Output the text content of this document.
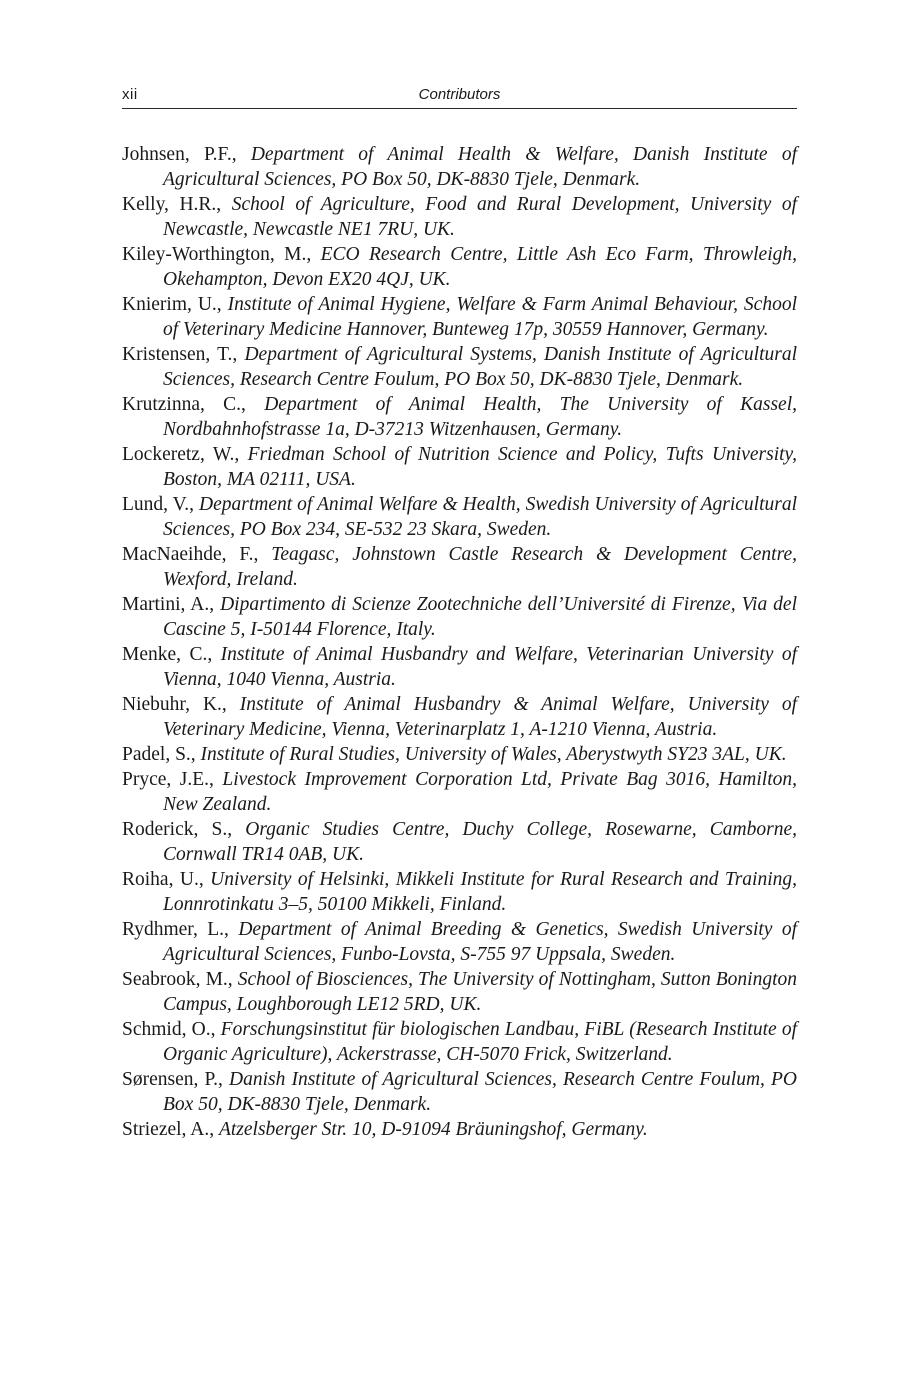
xii	Contributors

Johnsen, P.F., Department of Animal Health & Welfare, Danish Institute of Agricultural Sciences, PO Box 50, DK-8830 Tjele, Denmark.

Kelly, H.R., School of Agriculture, Food and Rural Development, University of Newcastle, Newcastle NE1 7RU, UK.

Kiley-Worthington, M., ECO Research Centre, Little Ash Eco Farm, Throwleigh, Okehampton, Devon EX20 4QJ, UK.

Knierim, U., Institute of Animal Hygiene, Welfare & Farm Animal Behaviour, School of Veterinary Medicine Hannover, Bunteweg 17p, 30559 Hannover, Germany.

Kristensen, T., Department of Agricultural Systems, Danish Institute of Agricultural Sciences, Research Centre Foulum, PO Box 50, DK-8830 Tjele, Denmark.

Krutzinna, C., Department of Animal Health, The University of Kassel, Nordbahnhofstrasse 1a, D-37213 Witzenhausen, Germany.

Lockeretz, W., Friedman School of Nutrition Science and Policy, Tufts University, Boston, MA 02111, USA.

Lund, V., Department of Animal Welfare & Health, Swedish University of Agricultural Sciences, PO Box 234, SE-532 23 Skara, Sweden.

MacNaeihde, F., Teagasc, Johnstown Castle Research & Development Centre, Wexford, Ireland.

Martini, A., Dipartimento di Scienze Zootechniche dell’Université di Firenze, Via del Cascine 5, I-50144 Florence, Italy.

Menke, C., Institute of Animal Husbandry and Welfare, Veterinarian University of Vienna, 1040 Vienna, Austria.

Niebuhr, K., Institute of Animal Husbandry & Animal Welfare, University of Veterinary Medicine, Vienna, Veterinarplatz 1, A-1210 Vienna, Austria.

Padel, S., Institute of Rural Studies, University of Wales, Aberystwyth SY23 3AL, UK.

Pryce, J.E., Livestock Improvement Corporation Ltd, Private Bag 3016, Hamilton, New Zealand.

Roderick, S., Organic Studies Centre, Duchy College, Rosewarne, Camborne, Cornwall TR14 0AB, UK.

Roiha, U., University of Helsinki, Mikkeli Institute for Rural Research and Training, Lonnrotinkatu 3–5, 50100 Mikkeli, Finland.

Rydhmer, L., Department of Animal Breeding & Genetics, Swedish University of Agricultural Sciences, Funbo-Lovsta, S-755 97 Uppsala, Sweden.

Seabrook, M., School of Biosciences, The University of Nottingham, Sutton Bonington Campus, Loughborough LE12 5RD, UK.

Schmid, O., Forschungsinstitut für biologischen Landbau, FiBL (Research Institute of Organic Agriculture), Ackerstrasse, CH-5070 Frick, Switzerland.

Sørensen, P., Danish Institute of Agricultural Sciences, Research Centre Foulum, PO Box 50, DK-8830 Tjele, Denmark.

Striezel, A., Atzelsberger Str. 10, D-91094 Bräuningshof, Germany.
